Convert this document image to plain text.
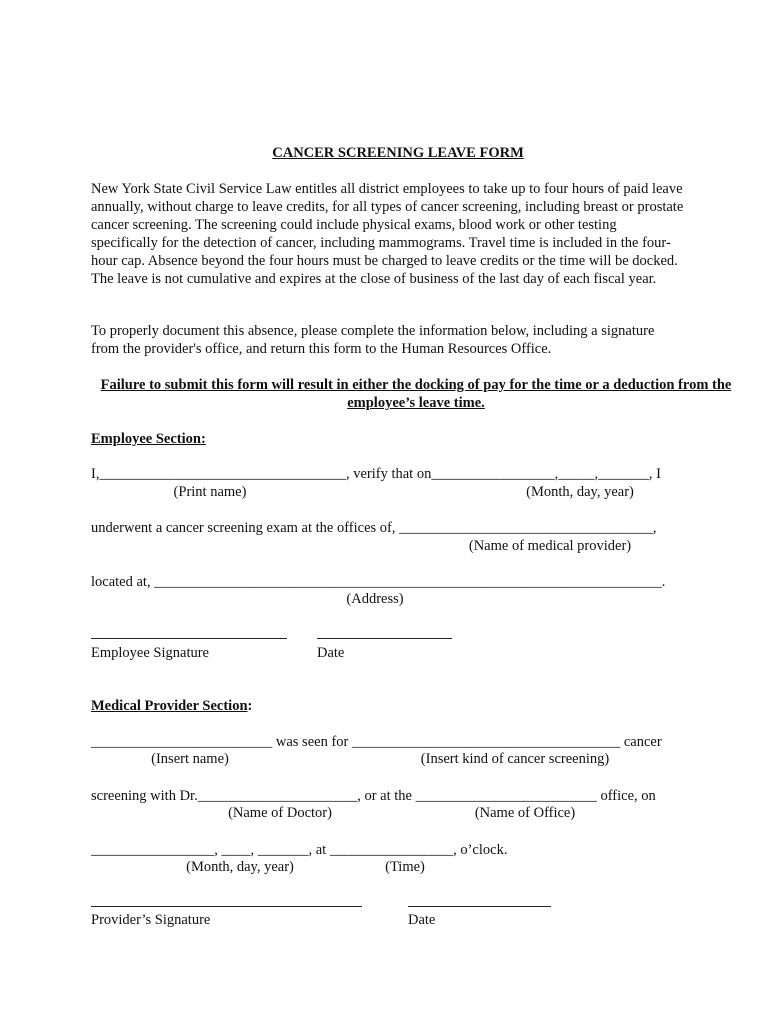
CANCER SCREENING LEAVE FORM
New York State Civil Service Law entitles all district employees to take up to four hours of paid leave annually, without charge to leave credits, for all types of cancer screening, including breast or prostate cancer screening. The screening could include physical exams, blood work or other testing specifically for the detection of cancer, including mammograms. Travel time is included in the four-hour cap. Absence beyond the four hours must be charged to leave credits or the time will be docked. The leave is not cumulative and expires at the close of business of the last day of each fiscal year.
To properly document this absence, please complete the information below, including a signature from the provider's office, and return this form to the Human Resources Office.
Failure to submit this form will result in either the docking of pay for the time or a deduction from the employee’s leave time.
Employee Section:
I,__________________________________, verify that on_________________,_____,_______, I
(Print name)	(Month, day, year)
underwent a cancer screening exam at the offices of, ___________________________________,
(Name of medical provider)
located at, ______________________________________________________________________.
(Address)
Employee Signature	Date
Medical Provider Section:
_________________________ was seen for _____________________________________ cancer
(Insert name)	(Insert kind of cancer screening)
screening with Dr.______________________, or at the _________________________ office, on
(Name of Doctor)	(Name of Office)
_________________, ____, _______, at _________________, o’clock.
(Month, day, year)	(Time)
Provider’s Signature	Date
